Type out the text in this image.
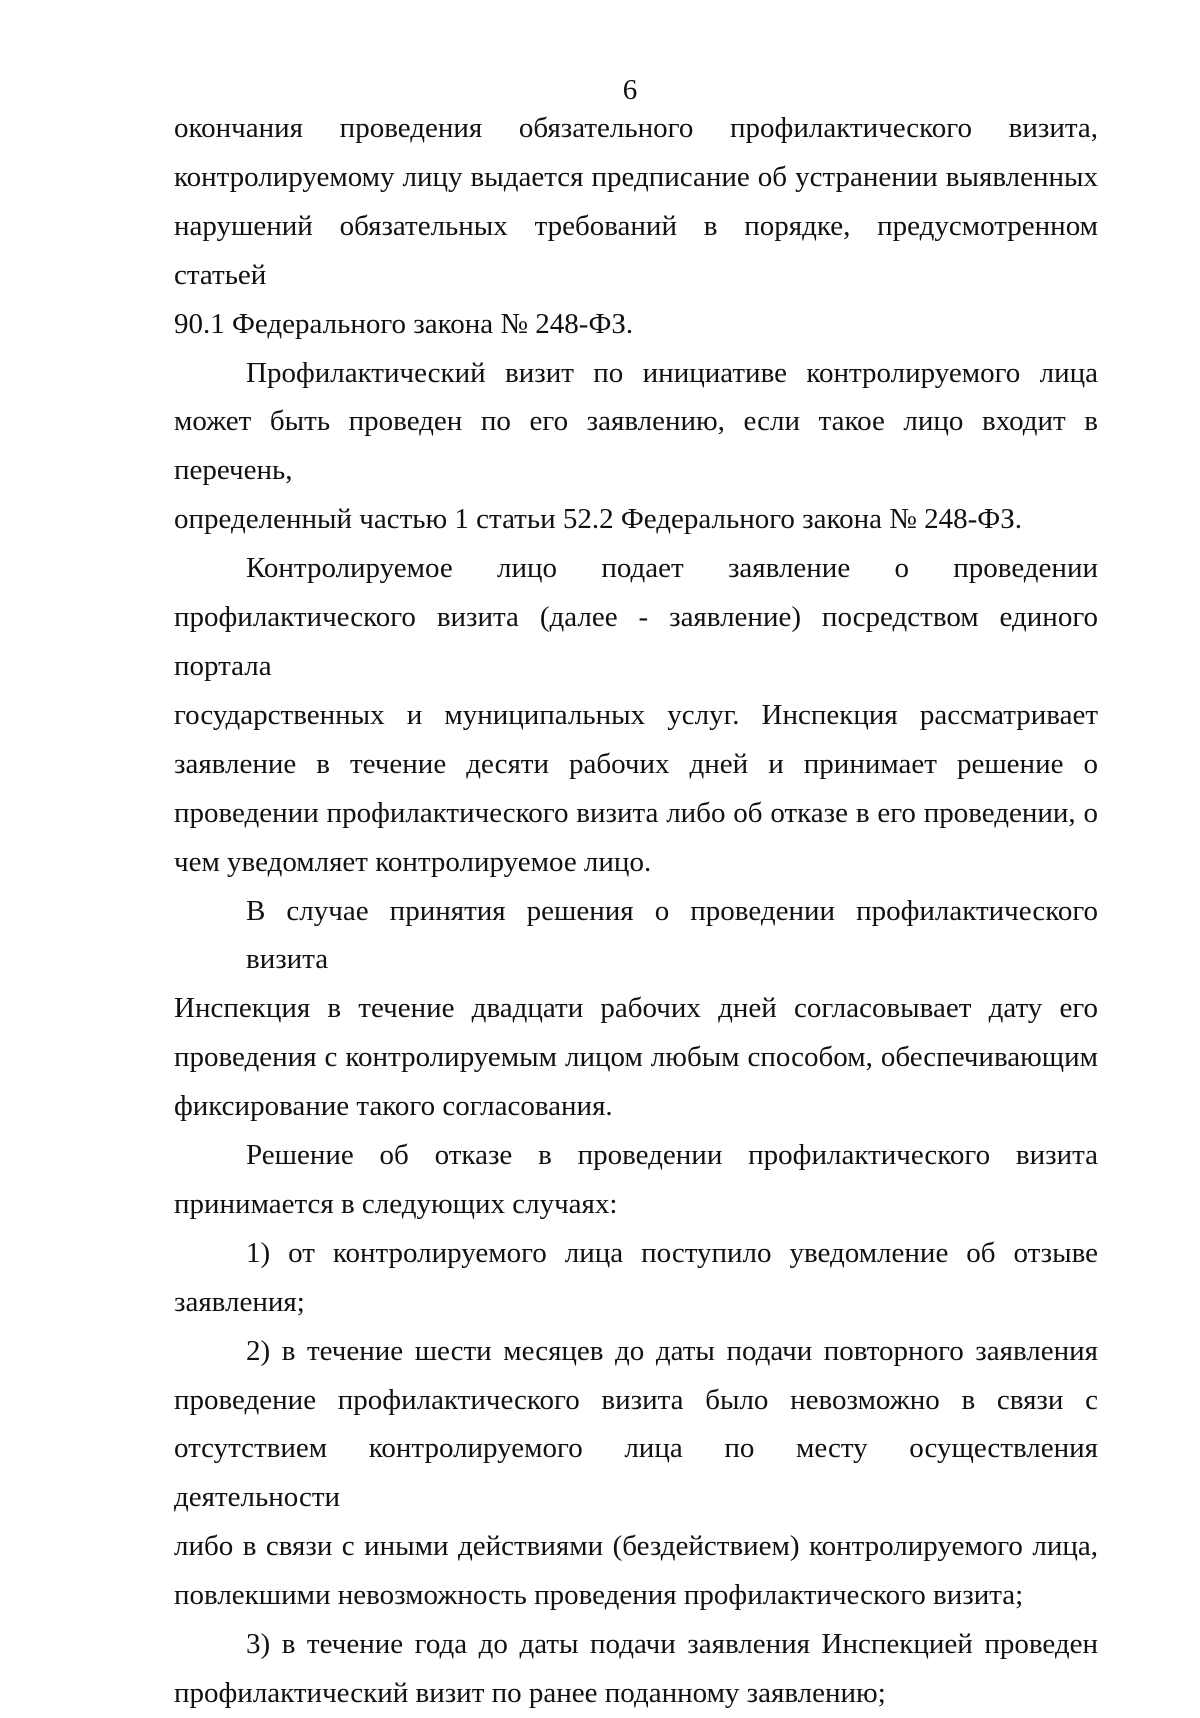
6
окончания проведения обязательного профилактического визита,
контролируемому лицу выдается предписание об устранении выявленных
нарушений обязательных требований в порядке, предусмотренном статьей
90.1 Федерального закона № 248-ФЗ.
Профилактический визит по инициативе контролируемого лица
может быть проведен по его заявлению, если такое лицо входит в перечень,
определенный частью 1 статьи 52.2 Федерального закона № 248-ФЗ.
Контролируемое лицо подает заявление о проведении
профилактического визита (далее - заявление) посредством единого портала
государственных и муниципальных услуг. Инспекция рассматривает
заявление в течение десяти рабочих дней и принимает решение о
проведении профилактического визита либо об отказе в его проведении, о
чем уведомляет контролируемое лицо.
В случае принятия решения о проведении профилактического визита
Инспекция в течение двадцати рабочих дней согласовывает дату его
проведения с контролируемым лицом любым способом, обеспечивающим
фиксирование такого согласования.
Решение об отказе в проведении профилактического визита
принимается в следующих случаях:
1) от контролируемого лица поступило уведомление об отзыве
заявления;
2) в течение шести месяцев до даты подачи повторного заявления
проведение профилактического визита было невозможно в связи с
отсутствием контролируемого лица по месту осуществления деятельности
либо в связи с иными действиями (бездействием) контролируемого лица,
повлекшими невозможность проведения профилактического визита;
3) в течение года до даты подачи заявления Инспекцией проведен
профилактический визит по ранее поданному заявлению;
